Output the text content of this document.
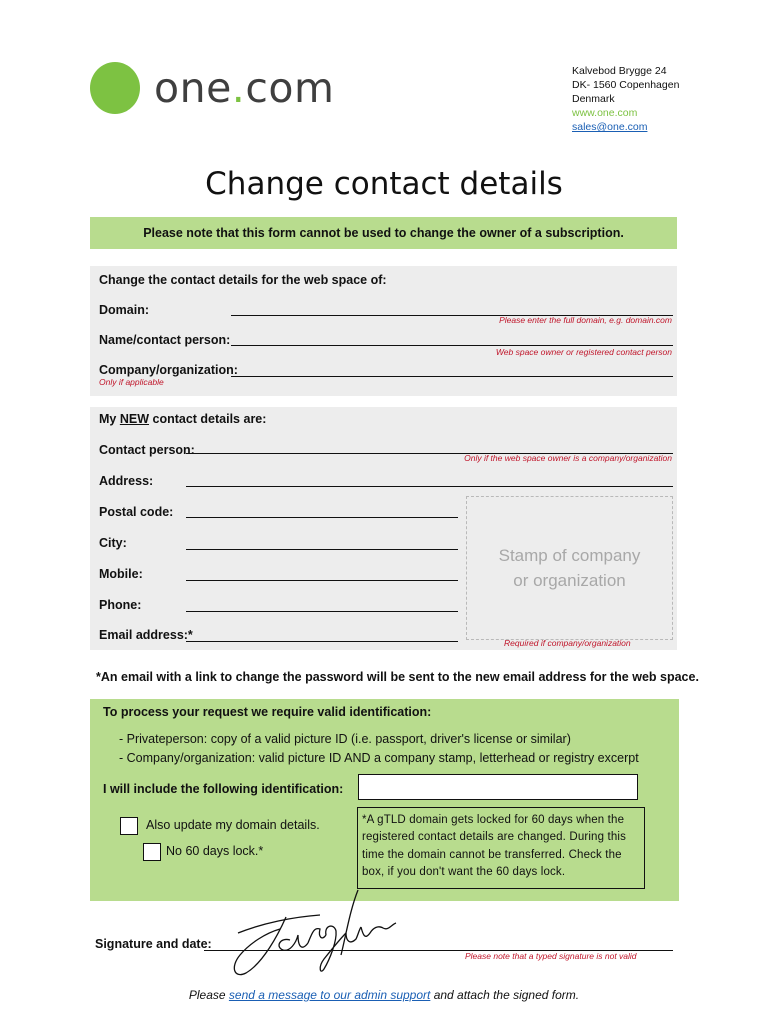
one.com	Kalvebod Brygge 24
DK- 1560 Copenhagen
Denmark
www.one.com
sales@one.com
Change contact details
Please note that this form cannot be used to change the owner of a subscription.
Change the contact details for the web space of:
Domain:
Please enter the full domain, e.g. domain.com
Name/contact person:
Web space owner or registered contact person
Company/organization:
Only if applicable
My NEW contact details are:
Contact person:
Only if the web space owner is a company/organization
Address:
Postal code:
City:
Mobile:
Phone:
Email address:*
Stamp of company
or organization
Required if company/organization
*An email with a link to change the password will be sent to the new email address for the web space.
To process your request we require valid identification:
- Privateperson: copy of a valid picture ID (i.e. passport, driver's license or similar)
- Company/organization: valid picture ID AND a company stamp, letterhead or registry excerpt
I will include the following identification:
Also update my domain details.
No 60 days lock.*
*A gTLD domain gets locked for 60 days when the registered contact details are changed. During this time the domain cannot be transferred. Check the box, if you don't want the 60 days lock.
Signature and date:
Please note that a typed signature is not valid
Please send a message to our admin support and attach the signed form.
